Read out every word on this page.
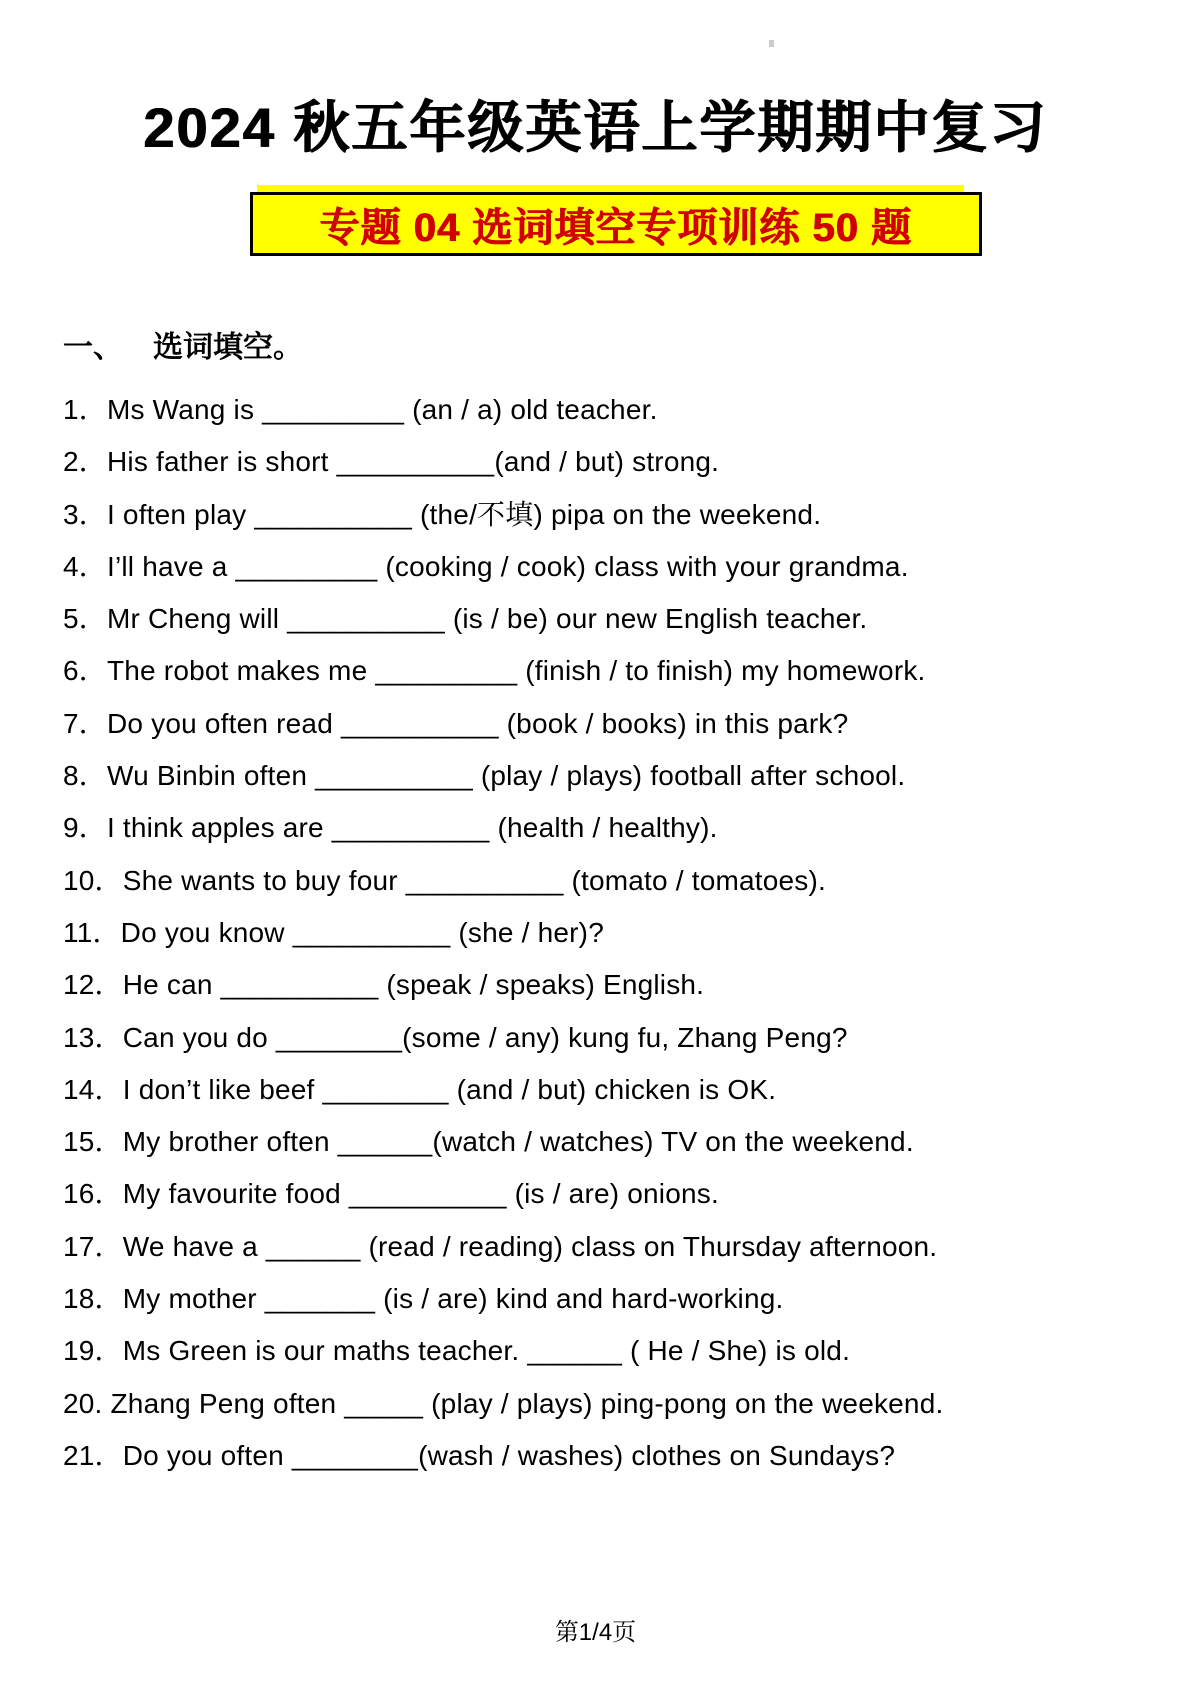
2024 秋五年级英语上学期期中复习
专题 04 选词填空专项训练 50 题
一、 选词填空。
1．Ms Wang is _________ (an / a) old teacher.
2．His father is short __________(and / but) strong.
3．I often play __________ (the/不填) pipa on the weekend.
4．I’ll have a _________ (cooking / cook) class with your grandma.
5．Mr Cheng will __________ (is / be) our new English teacher.
6．The robot makes me _________ (finish / to finish) my homework.
7．Do you often read __________ (book / books) in this park?
8．Wu Binbin often __________ (play / plays) football after school.
9．I think apples are __________ (health / healthy).
10．She wants to buy four __________ (tomato / tomatoes).
11．Do you know __________ (she / her)?
12．He can __________ (speak / speaks) English.
13．Can you do ________(some / any) kung fu, Zhang Peng?
14．I don’t like beef ________ (and / but) chicken is OK.
15．My brother often ______(watch / watches) TV on the weekend.
16．My favourite food __________ (is / are) onions.
17．We have a ______ (read / reading) class on Thursday afternoon.
18．My mother _______ (is / are) kind and hard-working.
19．Ms Green is our maths teacher. ______ ( He / She) is old.
20. Zhang Peng often _____ (play / plays) ping-pong on the weekend.
21．Do you often ________(wash / washes) clothes on Sundays?
第1/4页
